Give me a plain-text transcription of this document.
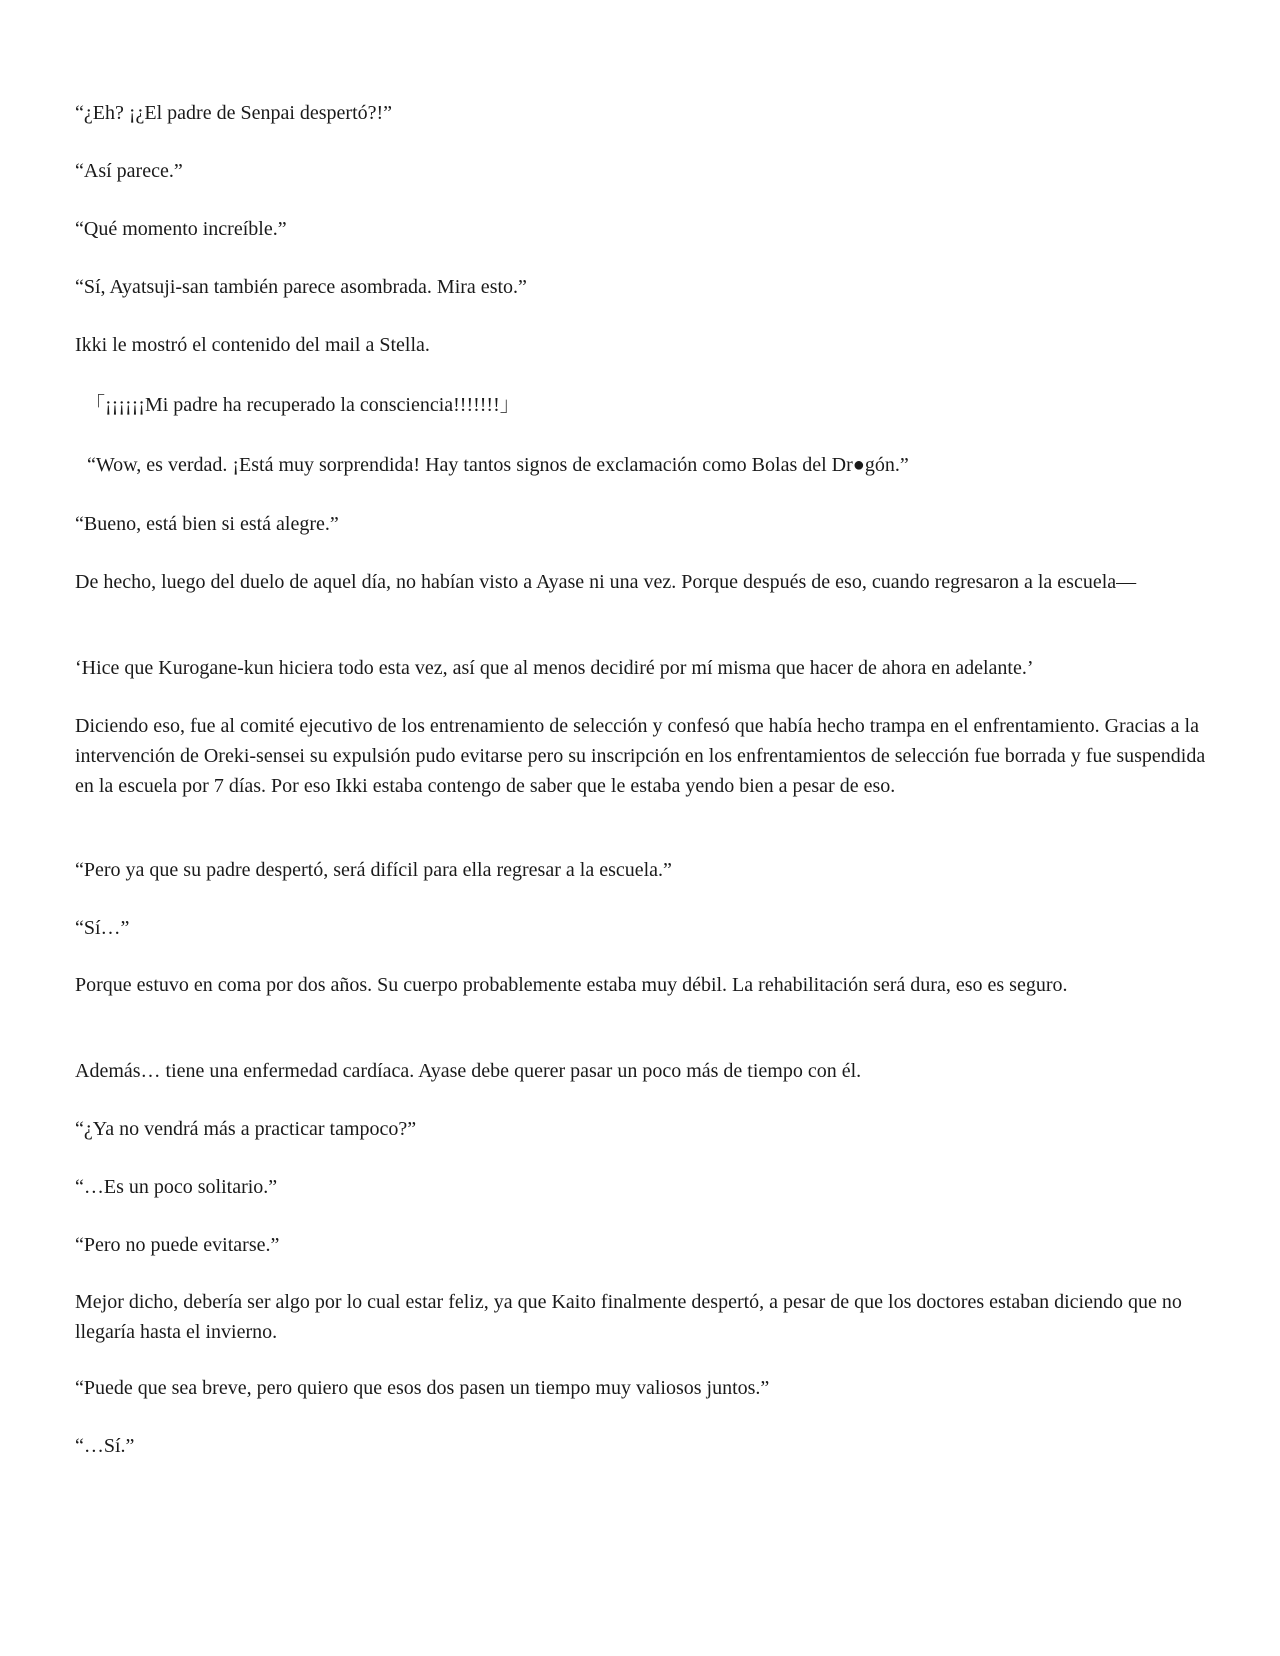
“¿Eh? ¡¿El padre de Senpai despertó?!”

“Así parece.”

“Qué momento increíble.”

“Sí, Ayatsuji-san también parece asombrada. Mira esto.”

Ikki le mostró el contenido del mail a Stella.

「¡¡¡¡¡¡Mi padre ha recuperado la consciencia!!!!!!!」

“Wow, es verdad. ¡Está muy sorprendida! Hay tantos signos de exclamación como Bolas del Dr●gón.”

“Bueno, está bien si está alegre.”

De hecho, luego del duelo de aquel día, no habían visto a Ayase ni una vez. Porque después de eso, cuando regresaron a la escuela—

‘Hice que Kurogane-kun hiciera todo esta vez, así que al menos decidiré por mí misma que hacer de ahora en adelante.’

Diciendo eso, fue al comité ejecutivo de los entrenamiento de selección y confesó que había hecho trampa en el enfrentamiento. Gracias a la intervención de Oreki-sensei su expulsión pudo evitarse pero su inscripción en los enfrentamientos de selección fue borrada y fue suspendida en la escuela por 7 días. Por eso Ikki estaba contengo de saber que le estaba yendo bien a pesar de eso.

“Pero ya que su padre despertó, será difícil para ella regresar a la escuela.”

“Sí…”

Porque estuvo en coma por dos años. Su cuerpo probablemente estaba muy débil. La rehabilitación será dura, eso es seguro.

Además… tiene una enfermedad cardíaca. Ayase debe querer pasar un poco más de tiempo con él.

“¿Ya no vendrá más a practicar tampoco?”

“…Es un poco solitario.”

“Pero no puede evitarse.”

Mejor dicho, debería ser algo por lo cual estar feliz, ya que Kaito finalmente despertó, a pesar de que los doctores estaban diciendo que no llegaría hasta el invierno.

“Puede que sea breve, pero quiero que esos dos pasen un tiempo muy valiosos juntos.”

“…Sí.”
